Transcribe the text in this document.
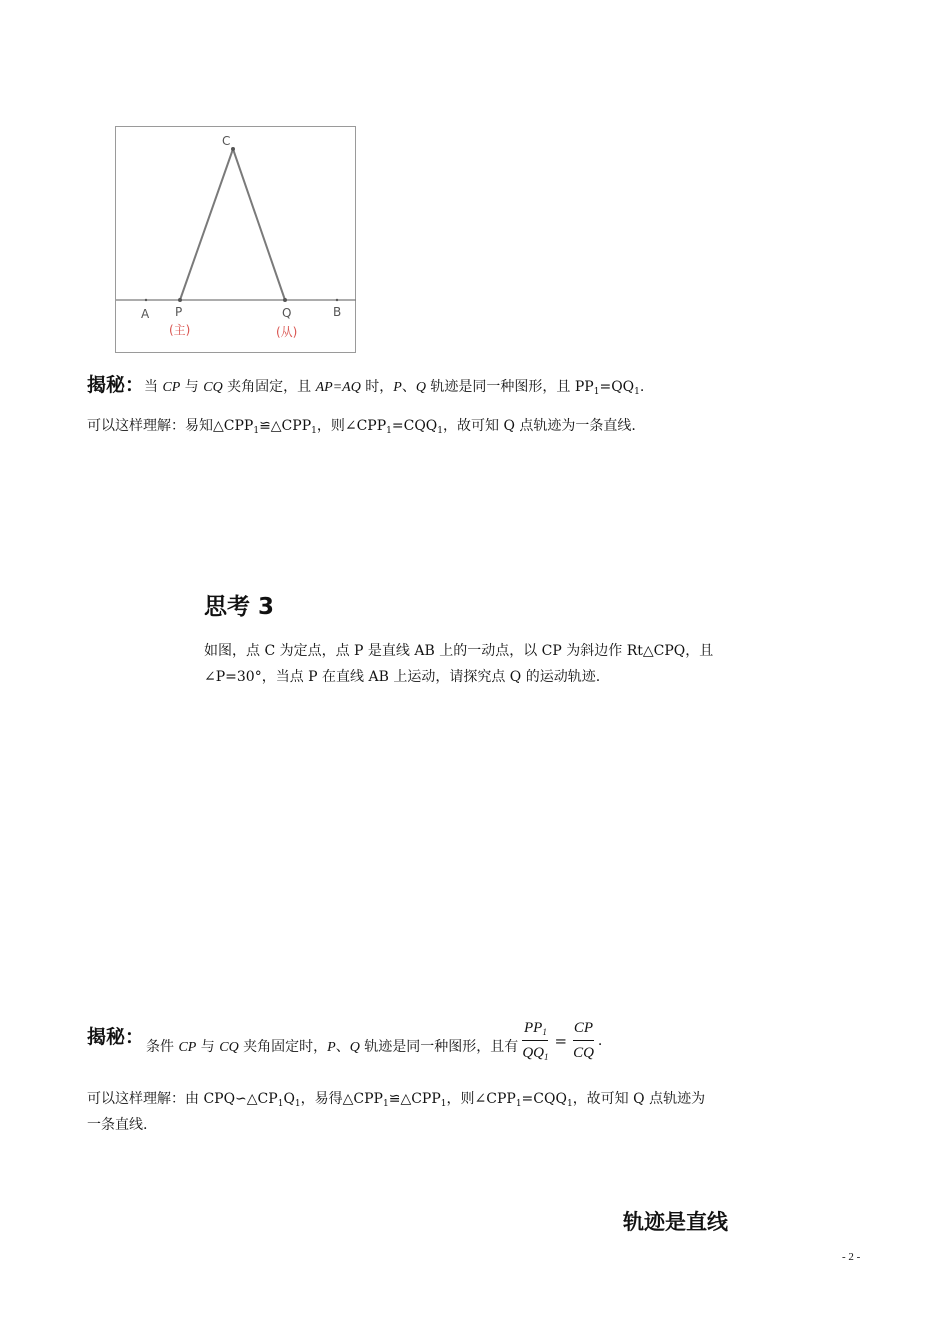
C
A P	Q	B
(主)	(从)
揭秘：当 CP 与 CQ 夹角固定，且 AP=AQ 时，P、Q 轨迹是同一种图形，且 $PP_1=QQ_1$.
可以这样理解：易知$\triangle CPP_1≌\triangle CPP_1$，则$\angle CPP_1=CQQ_1$，故可知 Q 点轨迹为一条直线.
思考 3
如图，点 C 为定点，点 P 是直线 AB 上的一动点，以 CP 为斜边作 Rt△CPQ，且
∠P=30°，当点 P 在直线 AB 上运动，请探究点 Q 的运动轨迹.
揭秘： 条件 CP 与 CQ 夹角固定时，P、Q 轨迹是同一种图形，且有 $\frac{PP_1}{QQ_1} = \frac{CP}{CQ}$ .
可以这样理解：由 $CPQ∽\triangle CP_1Q_1$，易得$\triangle CPP_1≌\triangle CPP_1$，则$\angle CPP_1=CQQ_1$，故可知 Q 点轨迹为
一条直线.
轨迹是直线
- 2 -
